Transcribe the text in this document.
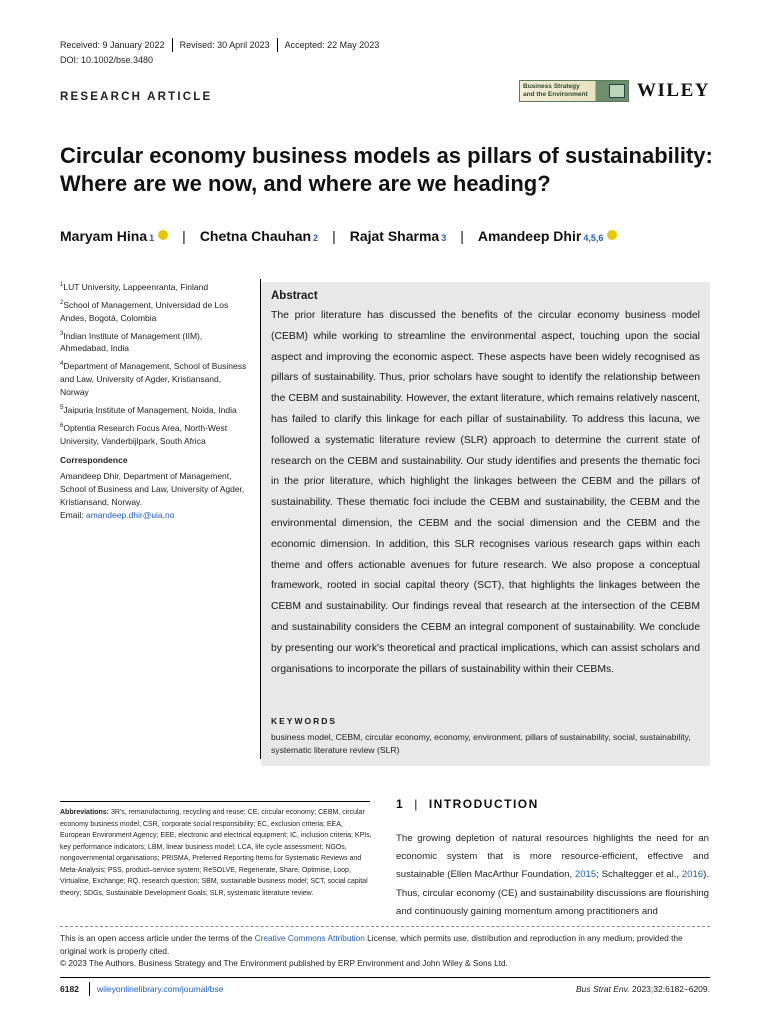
Received: 9 January 2022 Revised: 30 April 2023 Accepted: 22 May 2023
DOI: 10.1002/bse.3480
RESEARCH ARTICLE
Business Strategy
and the Environment	WILEY
Circular economy business models as pillars of sustainability: Where are we now, and where are we heading?
Maryam Hina 1 | Chetna Chauhan 2 | Rajat Sharma 3 | Amandeep Dhir 4,5,6

$^1$LUT University, Lappeenranta, Finland

$^2$School of Management, Universidad de Los Andes, Bogotá, Colombia

$^3$Indian Institute of Management (IIM), Ahmedabad, India

$^4$Department of Management, School of Business and Law, University of Agder, Kristiansand, Norway

$^5$Jaipuria Institute of Management, Noida, India

$^6$Optentia Research Focus Area, North-West University, Vanderbijlpark, South Africa

Correspondence

Amandeep Dhir, Department of Management, School of Business and Law, University of Agder, Kristiansand, Norway.
Email: amandeep.dhir@uia.no

Abstract
The prior literature has discussed the benefits of the circular economy business model (CEBM) while working to streamline the environmental aspect, touching upon the social aspect and improving the economic aspect. These aspects have been widely recognised as pillars of sustainability. Thus, prior scholars have sought to identify the relationship between the CEBM and sustainability. However, the extant literature, which remains relatively nascent, has failed to clarify this linkage for each pillar of sustainability. To address this lacuna, we followed a systematic literature review (SLR) approach to determine the current state of research on the CEBM and sustainability. Our study identifies and presents the thematic foci in the prior literature, which highlight the linkages between the CEBM and the pillars of sustainability. These thematic foci include the CEBM and sustainability, the CEBM and the environmental dimension, the CEBM and the social dimension and the CEBM and the economic dimension. In addition, this SLR recognises various research gaps within each theme and offers actionable avenues for future research. We also propose a conceptual framework, rooted in social capital theory (SCT), that highlights the linkages between the CEBM and sustainability. Our findings reveal that research at the intersection of the CEBM and sustainability considers the CEBM an integral component of sustainability. We conclude by presenting our work's theoretical and practical implications, which can assist scholars and organisations to incorporate the pillars of sustainability within their CEBMs.
KEYWORDS
business model, CEBM, circular economy, economy, environment, pillars of sustainability, social, sustainability, systematic literature review (SLR)
Abbreviations: 3R's, remanufacturing, recycling and reuse; CE, circular economy; CEBM, circular economy business model; CSR, corporate social responsibility; EC, exclusion criteria; EEA, European Environment Agency; EEE, electronic and electrical equipment; IC, inclusion criteria; KPIs, key performance indicators; LBM, linear business model; LCA, life cycle assessment; NGOs, nongovernmental organisations; PRISMA, Preferred Reporting Items for Systematic Reviews and Meta-Analysis; PSS, product–service system; ReSOLVE, Regenerate, Share, Optimise, Loop, Virtualise, Exchange; RQ, research question; SBM, sustainable business model; SCT, social capital theory; SDGs, Sustainable Development Goals; SLR, systematic literature review.
1 | INTRODUCTION
The growing depletion of natural resources highlights the need for an economic system that is more resource-efficient, effective and sustainable (Ellen MacArthur Foundation, 2015; Schaltegger et al., 2016). Thus, circular economy (CE) and sustainability discussions are flourishing and continuously gaining momentum among practitioners and
This is an open access article under the terms of the Creative Commons Attribution License, which permits use, distribution and reproduction in any medium, provided the original work is properly cited.
© 2023 The Authors. Business Strategy and The Environment published by ERP Environment and John Wiley & Sons Ltd.
6182 wileyonlinelibrary.com/journal/bse	Bus Strat Env. 2023;32:6182–6209.
